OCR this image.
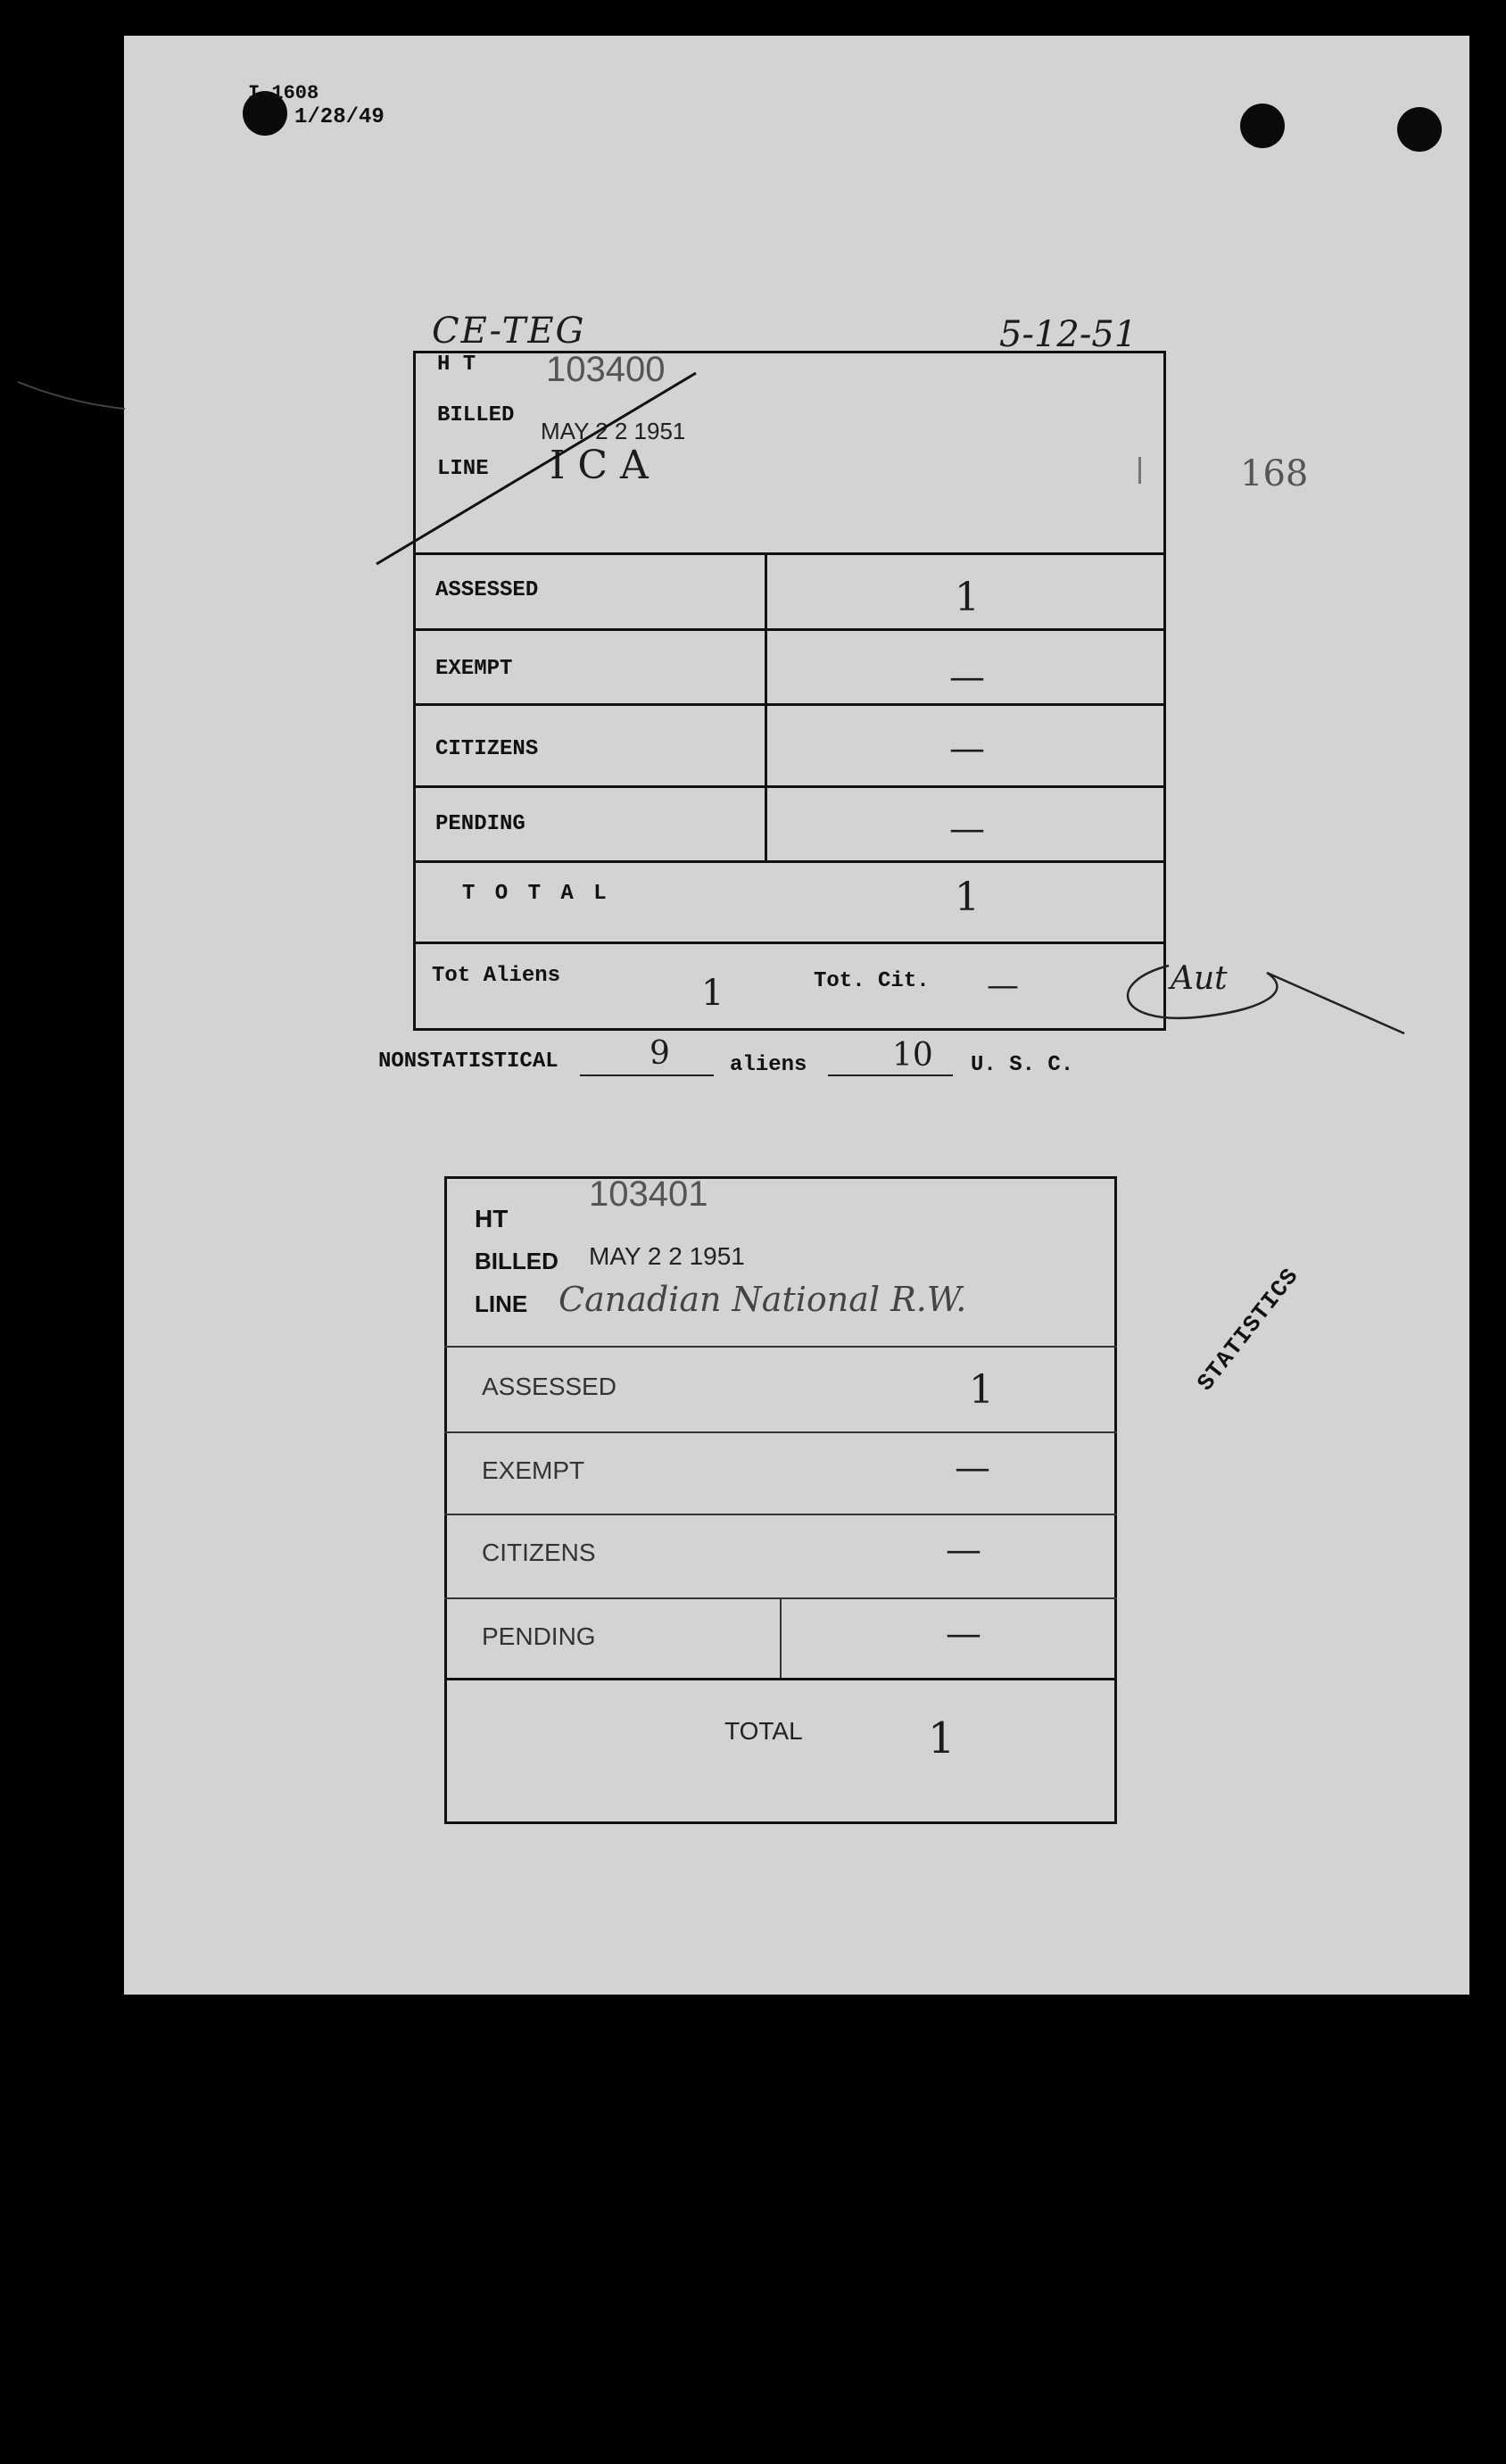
I-1608
1/28/49
CE-TEG	5-12-51
168
H T 103400
BILLED
MAY 2 2 1951
LINE I C A
ASSESSED	1
EXEMPT	—
CITIZENS	—
PENDING	—
T O T A L	1
Tot Aliens	1	Tot. Cit. —	Aut
NONSTATISTICAL	9	aliens	10 U. S. C.
HT
103401
BILLED MAY 2 2 1951
LINE Canadian National R.W.
ASSESSED	1
EXEMPT	—
CITIZENS	—
PENDING	—
TOTAL	1
STATISTICS
